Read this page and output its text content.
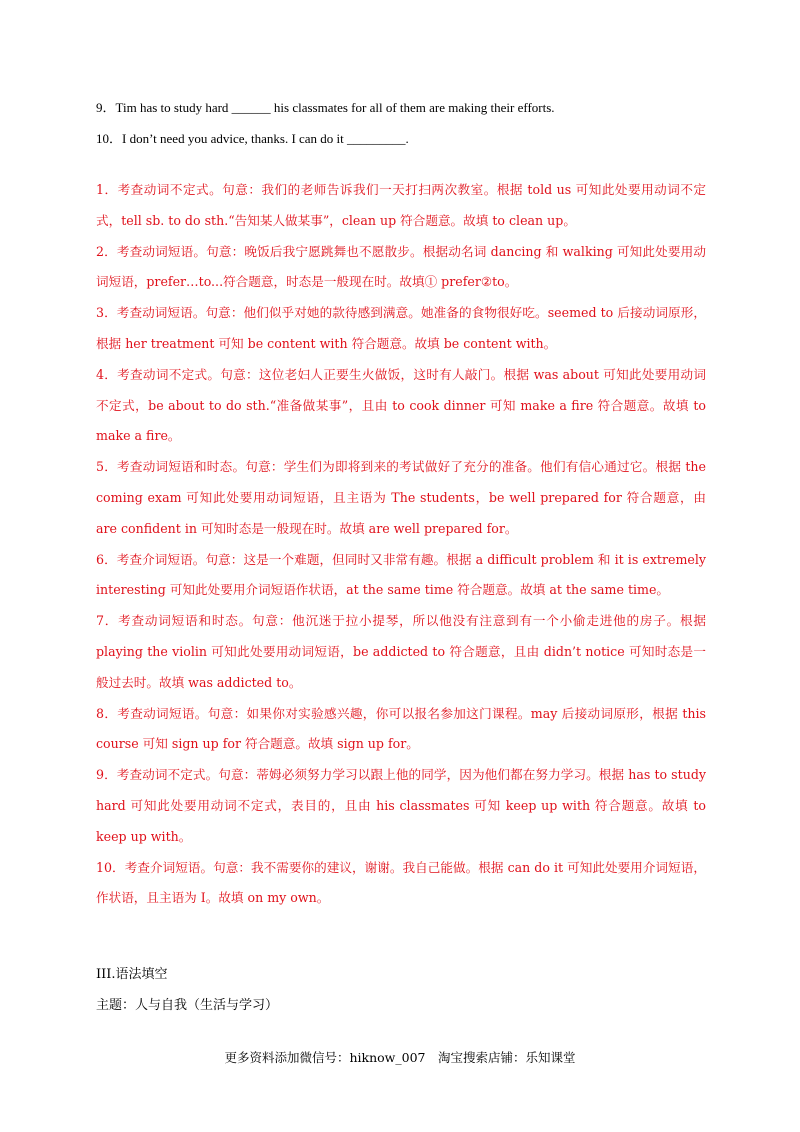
9．Tim has to study hard ______ his classmates for all of them are making their efforts.
10．I don’t need you advice, thanks. I can do it _________.
1．考查动词不定式。句意：我们的老师告诉我们一天打扫两次教室。根据 told us 可知此处要用动词不定式，tell sb. to do sth.“告知某人做某事”，clean up 符合题意。故填 to clean up。
2．考查动词短语。句意：晚饭后我宁愿跳舞也不愿散步。根据动名词 dancing 和 walking 可知此处要用动词短语，prefer…to...符合题意，时态是一般现在时。故填① prefer②to。
3．考查动词短语。句意：他们似乎对她的款待感到满意。她准备的食物很好吃。seemed to 后接动词原形，根据 her treatment 可知 be content with 符合题意。故填 be content with。
4．考查动词不定式。句意：这位老妇人正要生火做饭，这时有人敲门。根据 was about 可知此处要用动词不定式，be about to do sth.“准备做某事”，且由 to cook dinner 可知 make a fire 符合题意。故填 to make a fire。
5．考查动词短语和时态。句意：学生们为即将到来的考试做好了充分的准备。他们有信心通过它。根据 the coming exam 可知此处要用动词短语，且主语为 The students，be well prepared for 符合题意，由 are confident in 可知时态是一般现在时。故填 are well prepared for。
6．考查介词短语。句意：这是一个难题，但同时又非常有趣。根据 a difficult problem 和 it is extremely interesting 可知此处要用介词短语作状语，at the same time 符合题意。故填 at the same time。
7．考查动词短语和时态。句意：他沉迷于拉小提琴，所以他没有注意到有一个小偷走进他的房子。根据 playing the violin 可知此处要用动词短语，be addicted to 符合题意，且由 didn’t notice 可知时态是一般过去时。故填 was addicted to。
8．考查动词短语。句意：如果你对实验感兴趣，你可以报名参加这门课程。may 后接动词原形，根据 this course 可知 sign up for 符合题意。故填 sign up for。
9．考查动词不定式。句意：蒂姆必须努力学习以跟上他的同学，因为他们都在努力学习。根据 has to study hard 可知此处要用动词不定式，表目的，且由 his classmates 可知 keep up with 符合题意。故填 to keep up with。
10．考查介词短语。句意：我不需要你的建议，谢谢。我自己能做。根据 can do it 可知此处要用介词短语，作状语，且主语为 I。故填 on my own。
III.语法填空
主题：人与自我（生活与学习）
更多资料添加微信号：hiknow_007　淘宝搜索店铺：乐知课堂
